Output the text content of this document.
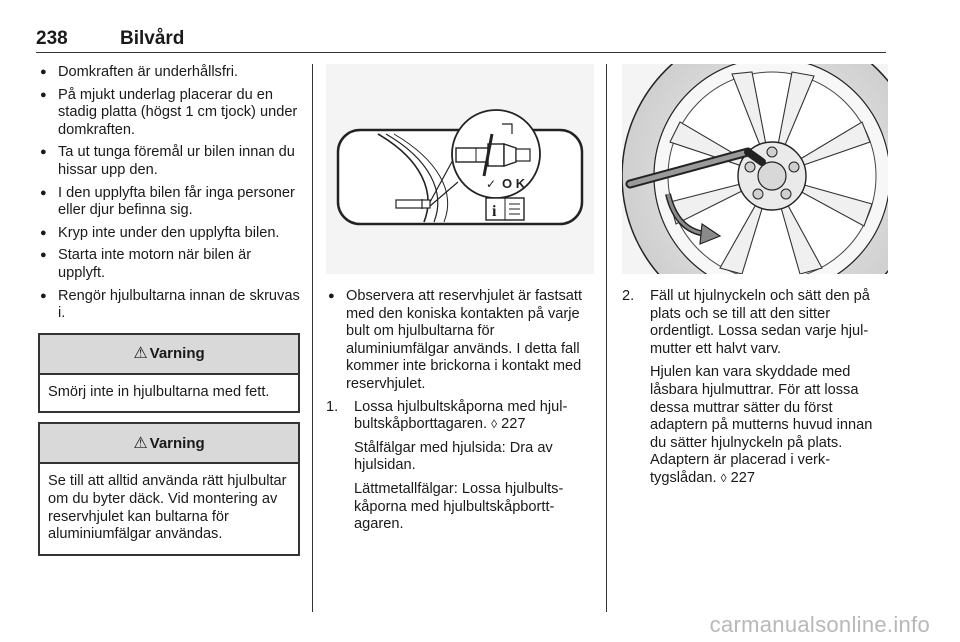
238	Bilvård
● Domkraften är underhållsfri.
● På mjukt underlag placerar du en stadig platta (högst 1 cm tjock) under domkraften.
● Ta ut tunga föremål ur bilen innan du hissar upp den.
● I den upplyfta bilen får inga personer eller djur befinna sig.
● Kryp inte under den upplyfta bilen.
● Starta inte motorn när bilen är upplyft.
● Rengör hjulbultarna innan de skruvas i.
⚠ Varning
Smörj inte in hjulbultarna med fett.
⚠ Varning
Se till att alltid använda rätt hjulbultar om du byter däck. Vid montering av reservhjulet kan bultarna för aluminiumfälgar användas.
O K
✓
i
● Observera att reservhjulet är fastsatt med den koniska kontakten på varje bult om hjulbultarna för aluminiumfälgar används. I detta fall kommer inte brickorna i kontakt med reservhjulet.
1. Lossa hjulbultskåporna med hjulbultskåpborttagaren. ◊ 227

Stålfälgar med hjulsida: Dra av hjulsidan.

Lättmetallfälgar: Lossa hjulbultskåporna med hjulbultskåpborttagaren.

2. Fäll ut hjulnyckeln och sätt den på plats och se till att den sitter ordentligt. Lossa sedan varje hjulmutter ett halvt varv.

Hjulen kan vara skyddade med låsbara hjulmuttrar. För att lossa dessa muttrar sätter du först adaptern på mutterns huvud innan du sätter hjulnyckeln på plats. Adaptern är placerad i verktygslådan. ◊ 227

carmanualsonline.info
